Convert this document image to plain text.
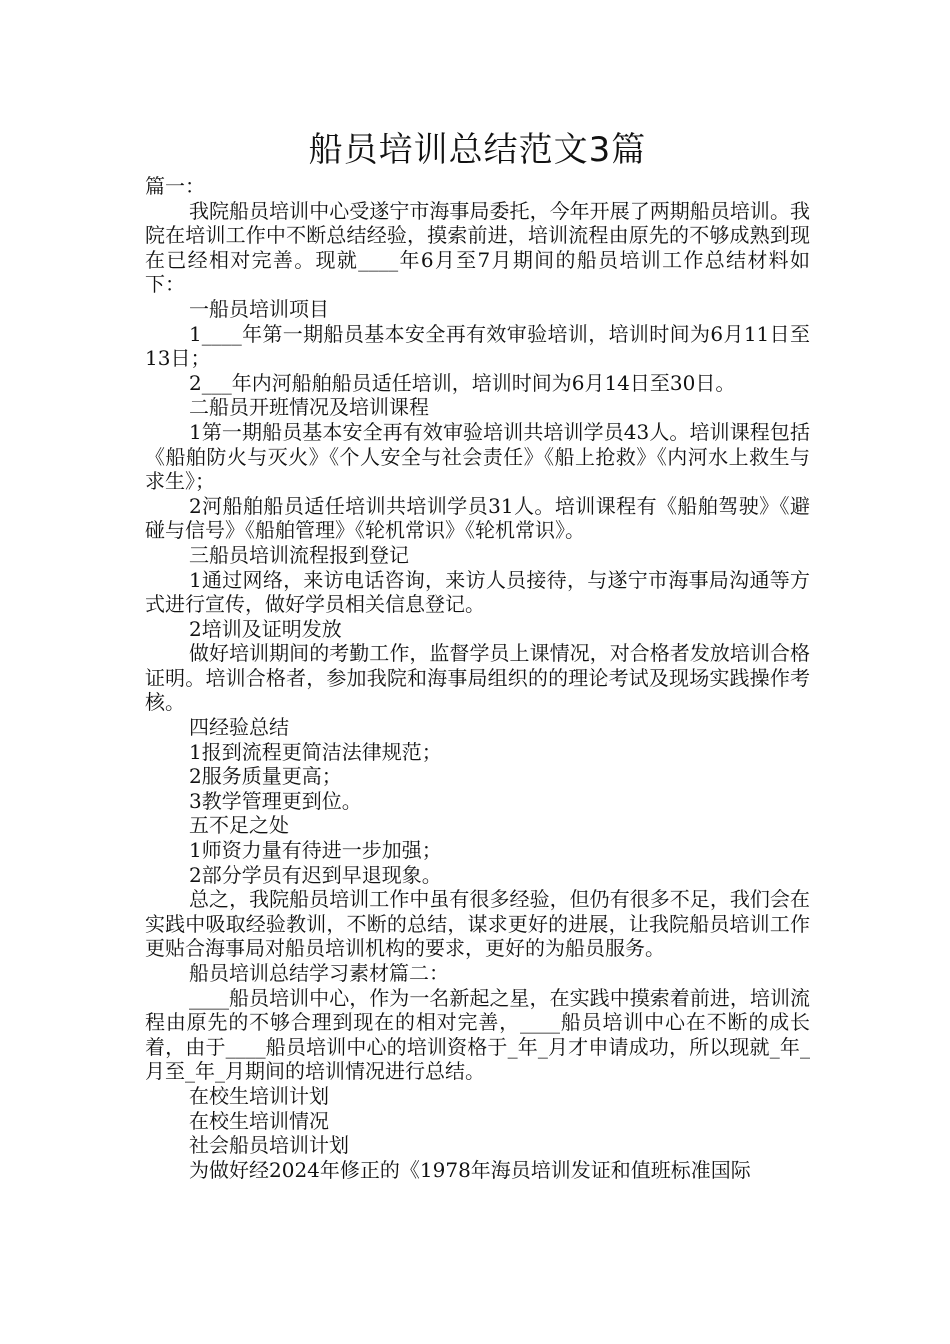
船员培训总结范文3篇

篇一：

我院船员培训中心受遂宁市海事局委托，今年开展了两期船员培训。我院在培训工作中不断总结经验，摸索前进，培训流程由原先的不够成熟到现在已经相对完善。现就____年6月至7月期间的船员培训工作总结材料如下：

一船员培训项目

1____年第一期船员基本安全再有效审验培训，培训时间为6月11日至13日；

2___年内河船舶船员适任培训，培训时间为6月14日至30日。

二船员开班情况及培训课程

1第一期船员基本安全再有效审验培训共培训学员43人。培训课程包括《船舶防火与灭火》《个人安全与社会责任》《船上抢救》《内河水上救生与求生》；

2河船舶船员适任培训共培训学员31人。培训课程有《船舶驾驶》《避碰与信号》《船舶管理》《轮机常识》《轮机常识》。

三船员培训流程报到登记

1通过网络，来访电话咨询，来访人员接待，与遂宁市海事局沟通等方式进行宣传，做好学员相关信息登记。

2培训及证明发放

做好培训期间的考勤工作，监督学员上课情况，对合格者发放培训合格证明。培训合格者，参加我院和海事局组织的的理论考试及现场实践操作考核。

四经验总结

1报到流程更简洁法律规范；

2服务质量更高；

3教学管理更到位。

五不足之处

1师资力量有待进一步加强；

2部分学员有迟到早退现象。

总之，我院船员培训工作中虽有很多经验，但仍有很多不足，我们会在实践中吸取经验教训，不断的总结，谋求更好的进展，让我院船员培训工作更贴合海事局对船员培训机构的要求，更好的为船员服务。

船员培训总结学习素材篇二：

____船员培训中心，作为一名新起之星，在实践中摸索着前进，培训流程由原先的不够合理到现在的相对完善，____船员培训中心在不断的成长着，由于____船员培训中心的培训资格于_年_月才申请成功，所以现就_年_月至_年_月期间的培训情况进行总结。

在校生培训计划

在校生培训情况

社会船员培训计划

为做好经2024年修正的《1978年海员培训发证和值班标准国际
